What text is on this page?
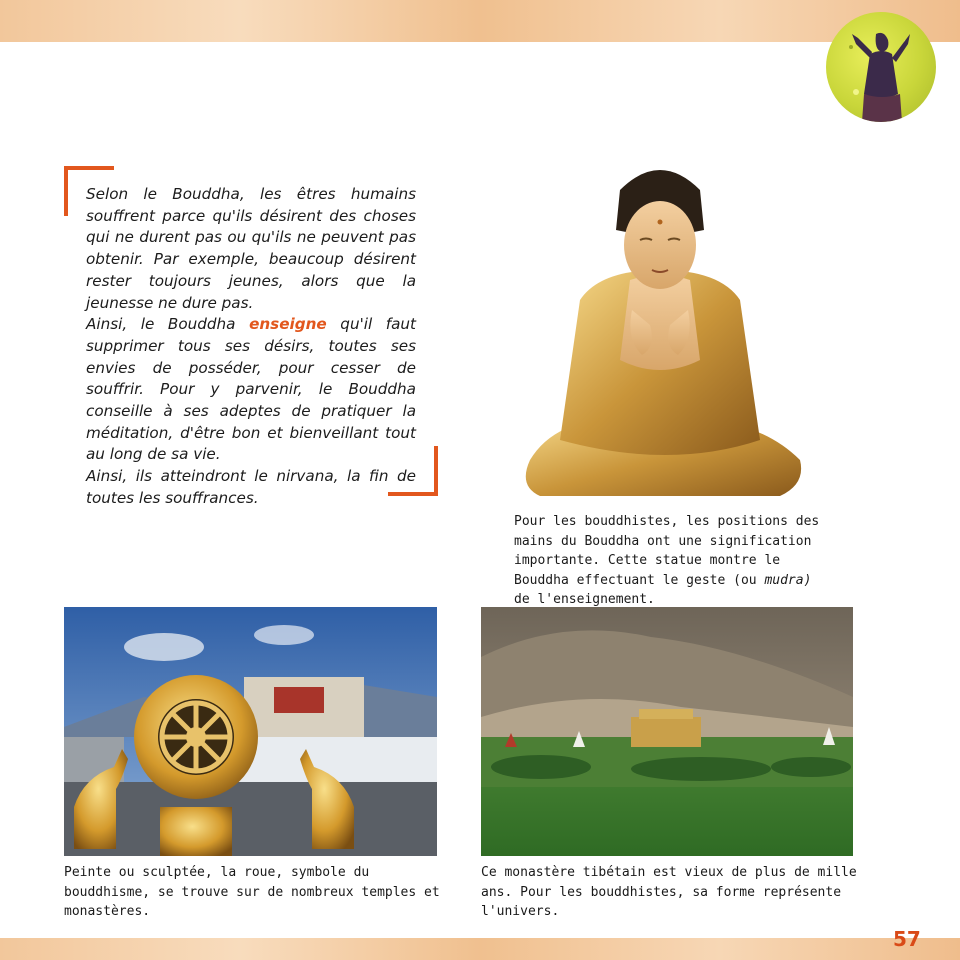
Selon le Bouddha, les êtres humains souffrent parce qu'ils désirent des choses qui ne durent pas ou qu'ils ne peuvent pas obtenir. Par exemple, beaucoup désirent rester toujours jeunes, alors que la jeunesse ne dure pas.

Ainsi, le Bouddha enseigne qu'il faut supprimer tous ses désirs, toutes ses envies de posséder, pour cesser de souffrir. Pour y parvenir, le Bouddha conseille à ses adeptes de pratiquer la méditation, d'être bon et bienveillant tout au long de sa vie.

Ainsi, ils atteindront le nirvana, la fin de toutes les souffrances.

Pour les bouddhistes, les positions des mains du Bouddha ont une signification importante. Cette statue montre le Bouddha effectuant le geste (ou mudra) de l'enseignement.
Peinte ou sculptée, la roue, symbole du bouddhisme, se trouve sur de nombreux temples et monastères.
Ce monastère tibétain est vieux de plus de mille ans. Pour les bouddhistes, sa forme représente l'univers.
57
